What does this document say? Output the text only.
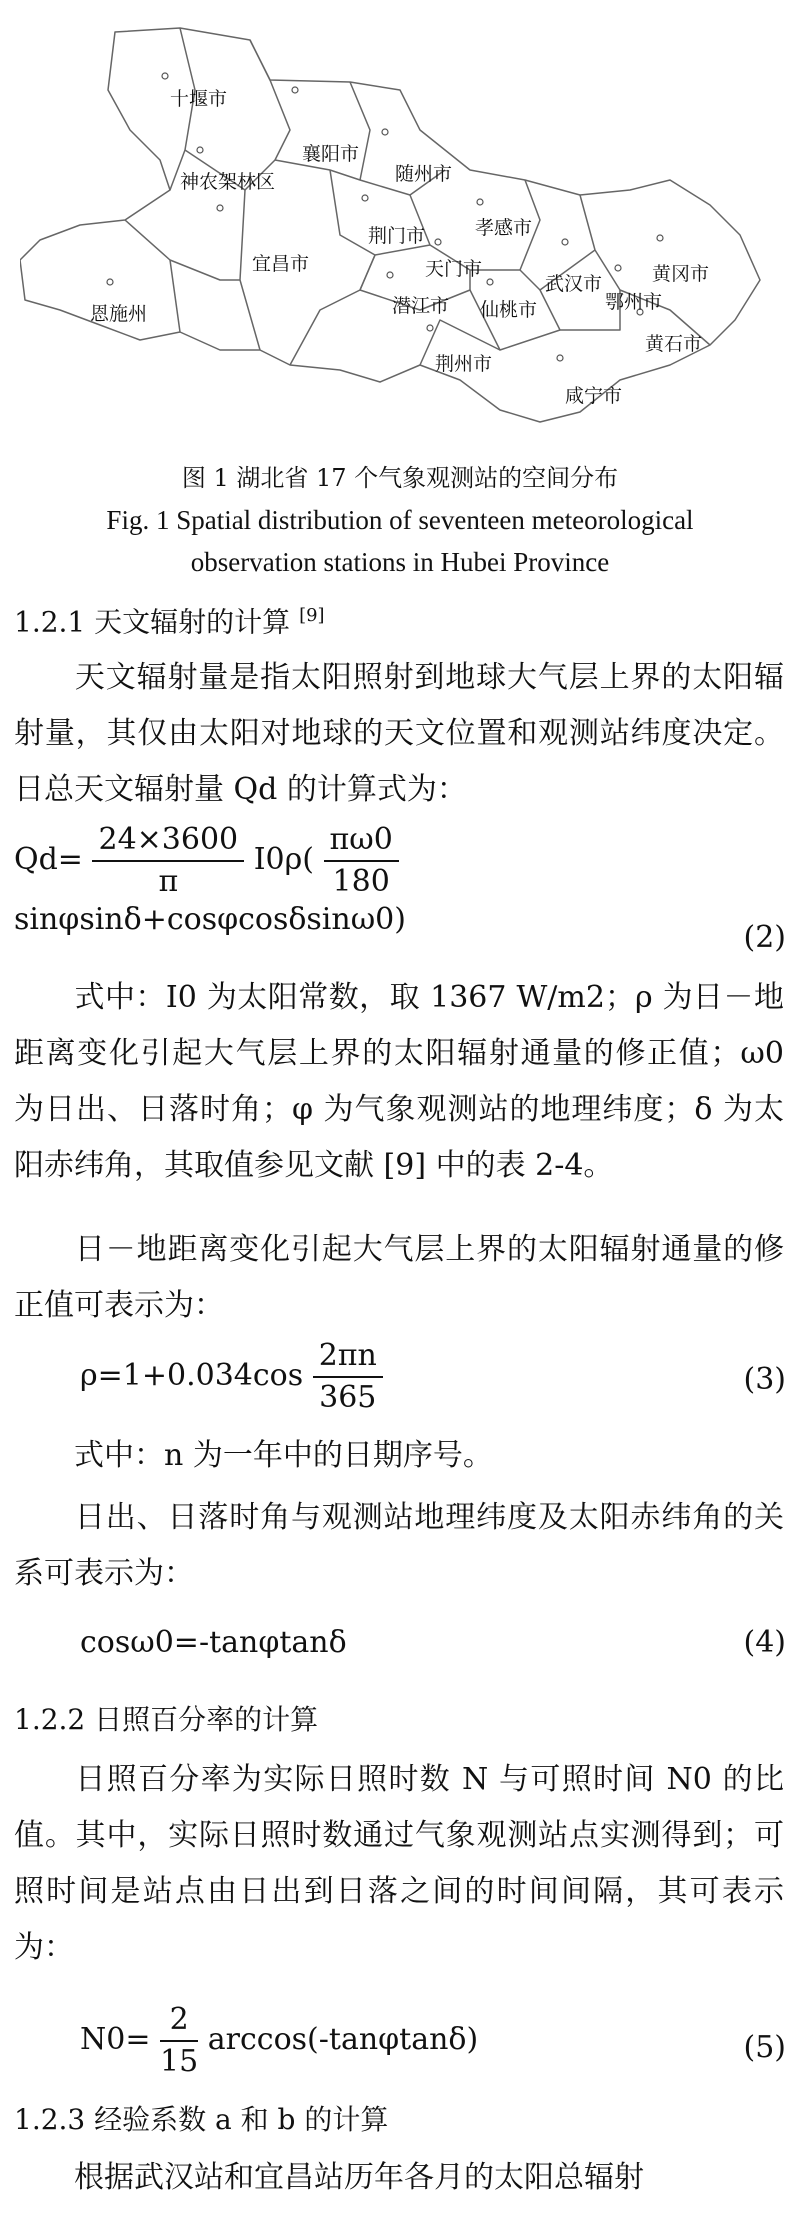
十堰市
襄阳市
随州市
神农架林区
荆门市	孝感市
宜昌市	天门市
武汉市	黄冈市
鄂州市
恩施州	潜江市 仙桃市
荆州市
黄石市
咸宁市
图 1 湖北省 17 个气象观测站的空间分布
Fig. 1 Spatial distribution of seventeen meteorological
observation stations in Hubei Province
1.2.1 天文辐射的计算 [9]
天文辐射量是指太阳照射到地球大气层上界的太阳辐射量，其仅由太阳对地球的天文位置和观测站纬度决定。日总天文辐射量 Qd 的计算式为：
$Qd= \frac{24\times 3600}{\pi} I0\rho( \frac{\pi\omega 0}{180}$
sinφsinδ+cosφcosδsinω0)
(2)
式中：I0 为太阳常数，取 1367 W/m2；ρ 为日－地距离变化引起大气层上界的太阳辐射通量的修正值；ω0 为日出、日落时角；φ 为气象观测站的地理纬度；δ 为太阳赤纬角，其取值参见文献 [9] 中的表 2-4。
日－地距离变化引起大气层上界的太阳辐射通量的修正值可表示为：
$\rho=1+0.034\cos \frac{2\pi n}{365}$	(3)
式中：n 为一年中的日期序号。
日出、日落时角与观测站地理纬度及太阳赤纬角的关系可表示为：
cosω0=-tanφtanδ	(4)
1.2.2 日照百分率的计算
日照百分率为实际日照时数 N 与可照时间 N0 的比值。其中，实际日照时数通过气象观测站点实测得到；可照时间是站点由日出到日落之间的时间间隔，其可表示为：
$N0= \frac{2}{15} \arccos(-\tan\varphi\tan\delta)$	(5)
1.2.3 经验系数 a 和 b 的计算
根据武汉站和宜昌站历年各月的太阳总辐射
